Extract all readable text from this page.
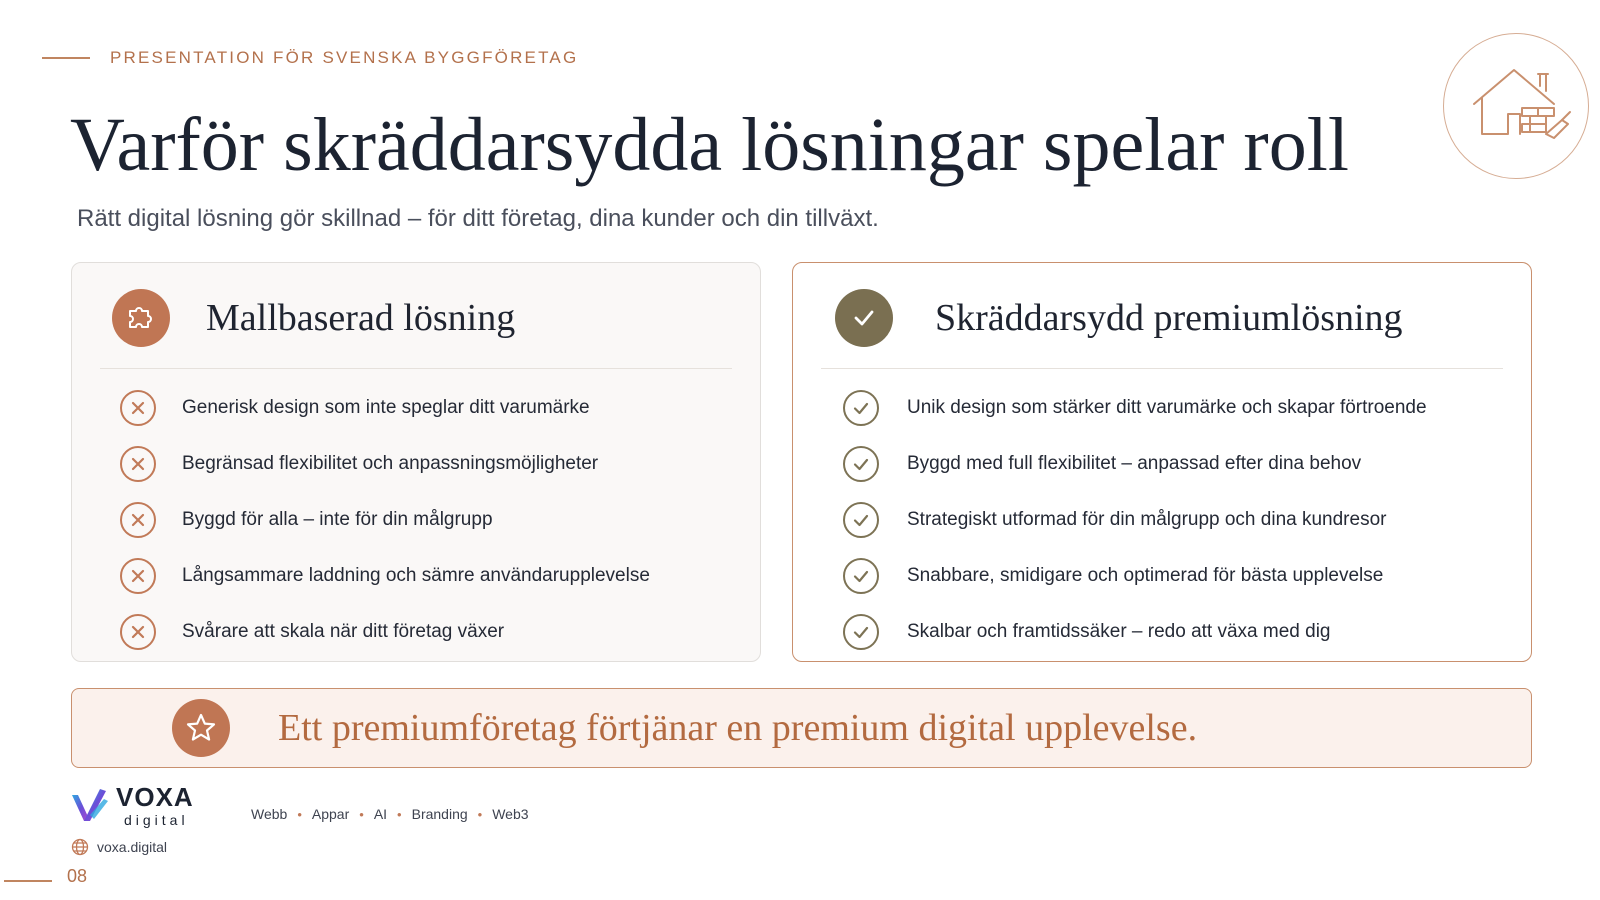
PRESENTATION FÖR SVENSKA BYGGFÖRETAG
Varför skräddarsydda lösningar spelar roll
Rätt digital lösning gör skillnad – för ditt företag, dina kunder och din tillväxt.
Mallbaserad lösning
Generisk design som inte speglar ditt varumärke
Begränsad flexibilitet och anpassningsmöjligheter
Byggd för alla – inte för din målgrupp
Långsammare laddning och sämre användarupplevelse
Svårare att skala när ditt företag växer
Skräddarsydd premiumlösning
Unik design som stärker ditt varumärke och skapar förtroende
Byggd med full flexibilitet – anpassad efter dina behov
Strategiskt utformad för din målgrupp och dina kundresor
Snabbare, smidigare och optimerad för bästa upplevelse
Skalbar och framtidssäker – redo att växa med dig
Ett premiumföretag förtjänar en premium digital upplevelse.
VOXA
digital	Webb • Appar • AI • Branding • Web3
voxa.digital
08
